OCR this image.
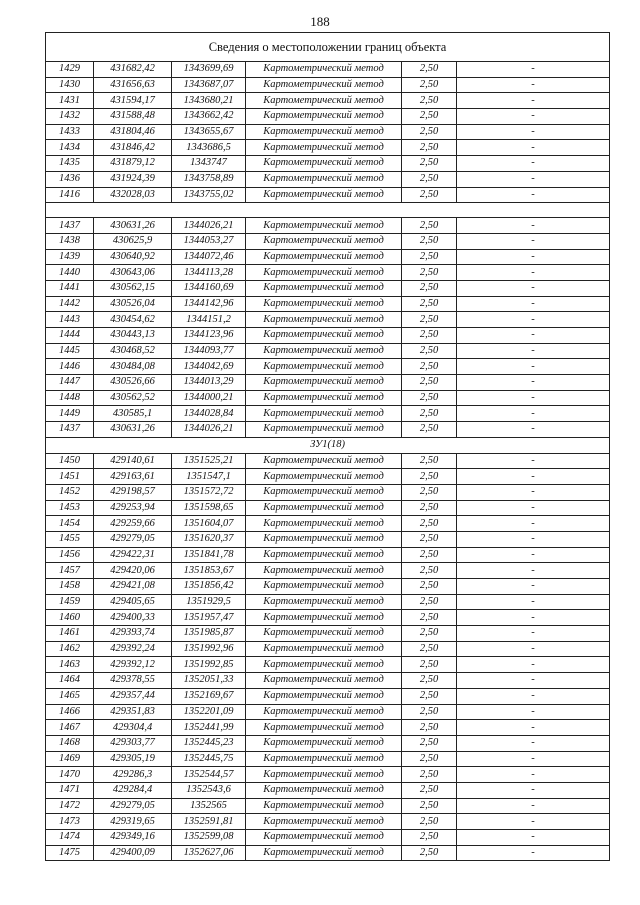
188
Сведения о местоположении границ объекта					
1429	431682,42	1343699,69	Картометрический метод	2,50	-
1430	431656,63	1343687,07	Картометрический метод	2,50	-
1431	431594,17	1343680,21	Картометрический метод	2,50	-
1432	431588,48	1343662,42	Картометрический метод	2,50	-
1433	431804,46	1343655,67	Картометрический метод	2,50	-
1434	431846,42	1343686,5	Картометрический метод	2,50	-
1435	431879,12	1343747	Картометрический метод	2,50	-
1436	431924,39	1343758,89	Картометрический метод	2,50	-
1416	432028,03	1343755,02	Картометрический метод	2,50	-

1437	430631,26	1344026,21	Картометрический метод	2,50	-
1438	430625,9	1344053,27	Картометрический метод	2,50	-
1439	430640,92	1344072,46	Картометрический метод	2,50	-
1440	430643,06	1344113,28	Картометрический метод	2,50	-
1441	430562,15	1344160,69	Картометрический метод	2,50	-
1442	430526,04	1344142,96	Картометрический метод	2,50	-
1443	430454,62	1344151,2	Картометрический метод	2,50	-
1444	430443,13	1344123,96	Картометрический метод	2,50	-
1445	430468,52	1344093,77	Картометрический метод	2,50	-
1446	430484,08	1344042,69	Картометрический метод	2,50	-
1447	430526,66	1344013,29	Картометрический метод	2,50	-
1448	430562,52	1344000,21	Картометрический метод	2,50	-
1449	430585,1	1344028,84	Картометрический метод	2,50	-
1437	430631,26	1344026,21	Картометрический метод	2,50	-
ЗУ1(18)					
1450	429140,61	1351525,21	Картометрический метод	2,50	-
1451	429163,61	1351547,1	Картометрический метод	2,50	-
1452	429198,57	1351572,72	Картометрический метод	2,50	-
1453	429253,94	1351598,65	Картометрический метод	2,50	-
1454	429259,66	1351604,07	Картометрический метод	2,50	-
1455	429279,05	1351620,37	Картометрический метод	2,50	-
1456	429422,31	1351841,78	Картометрический метод	2,50	-
1457	429420,06	1351853,67	Картометрический метод	2,50	-
1458	429421,08	1351856,42	Картометрический метод	2,50	-
1459	429405,65	1351929,5	Картометрический метод	2,50	-
1460	429400,33	1351957,47	Картометрический метод	2,50	-
1461	429393,74	1351985,87	Картометрический метод	2,50	-
1462	429392,24	1351992,96	Картометрический метод	2,50	-
1463	429392,12	1351992,85	Картометрический метод	2,50	-
1464	429378,55	1352051,33	Картометрический метод	2,50	-
1465	429357,44	1352169,67	Картометрический метод	2,50	-
1466	429351,83	1352201,09	Картометрический метод	2,50	-
1467	429304,4	1352441,99	Картометрический метод	2,50	-
1468	429303,77	1352445,23	Картометрический метод	2,50	-
1469	429305,19	1352445,75	Картометрический метод	2,50	-
1470	429286,3	1352544,57	Картометрический метод	2,50	-
1471	429284,4	1352543,6	Картометрический метод	2,50	-
1472	429279,05	1352565	Картометрический метод	2,50	-
1473	429319,65	1352591,81	Картометрический метод	2,50	-
1474	429349,16	1352599,08	Картометрический метод	2,50	-
1475	429400,09	1352627,06	Картометрический метод	2,50	-
